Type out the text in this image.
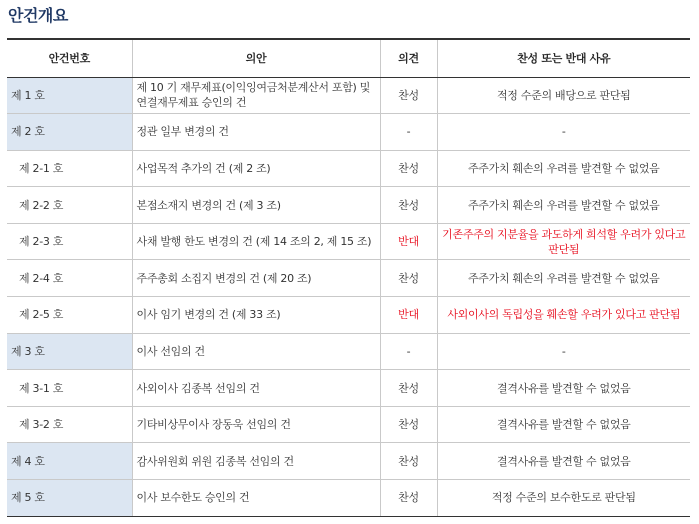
안건개요
안건번호	의안	의견	찬성 또는 반대 사유
제 1 호	제 10 기 재무제표(이익잉여금처분계산서 포함) 및 연결재무제표 승인의 건	찬성	적정 수준의 배당으로 판단됨
제 2 호	정관 일부 변경의 건	-	-
제 2-1 호	사업목적 추가의 건 (제 2 조)	찬성	주주가치 훼손의 우려를 발견할 수 없었음
제 2-2 호	본점소재지 변경의 건 (제 3 조)	찬성	주주가치 훼손의 우려를 발견할 수 없었음
제 2-3 호	사채 발행 한도 변경의 건 (제 14 조의 2, 제 15 조)	반대	기존주주의 지분율을 과도하게 희석할 우려가 있다고 판단됨
제 2-4 호	주주총회 소집지 변경의 건 (제 20 조)	찬성	주주가치 훼손의 우려를 발견할 수 없었음
제 2-5 호	이사 임기 변경의 건 (제 33 조)	반대	사외이사의 독립성을 훼손할 우려가 있다고 판단됨
제 3 호	이사 선임의 건	-	-
제 3-1 호	사외이사 김종복 선임의 건	찬성	결격사유를 발견할 수 없었음
제 3-2 호	기타비상무이사 장동욱 선임의 건	찬성	결격사유를 발견할 수 없었음
제 4 호	감사위원회 위원 김종복 선임의 건	찬성	결격사유를 발견할 수 없었음
제 5 호	이사 보수한도 승인의 건	찬성	적정 수준의 보수한도로 판단됨
